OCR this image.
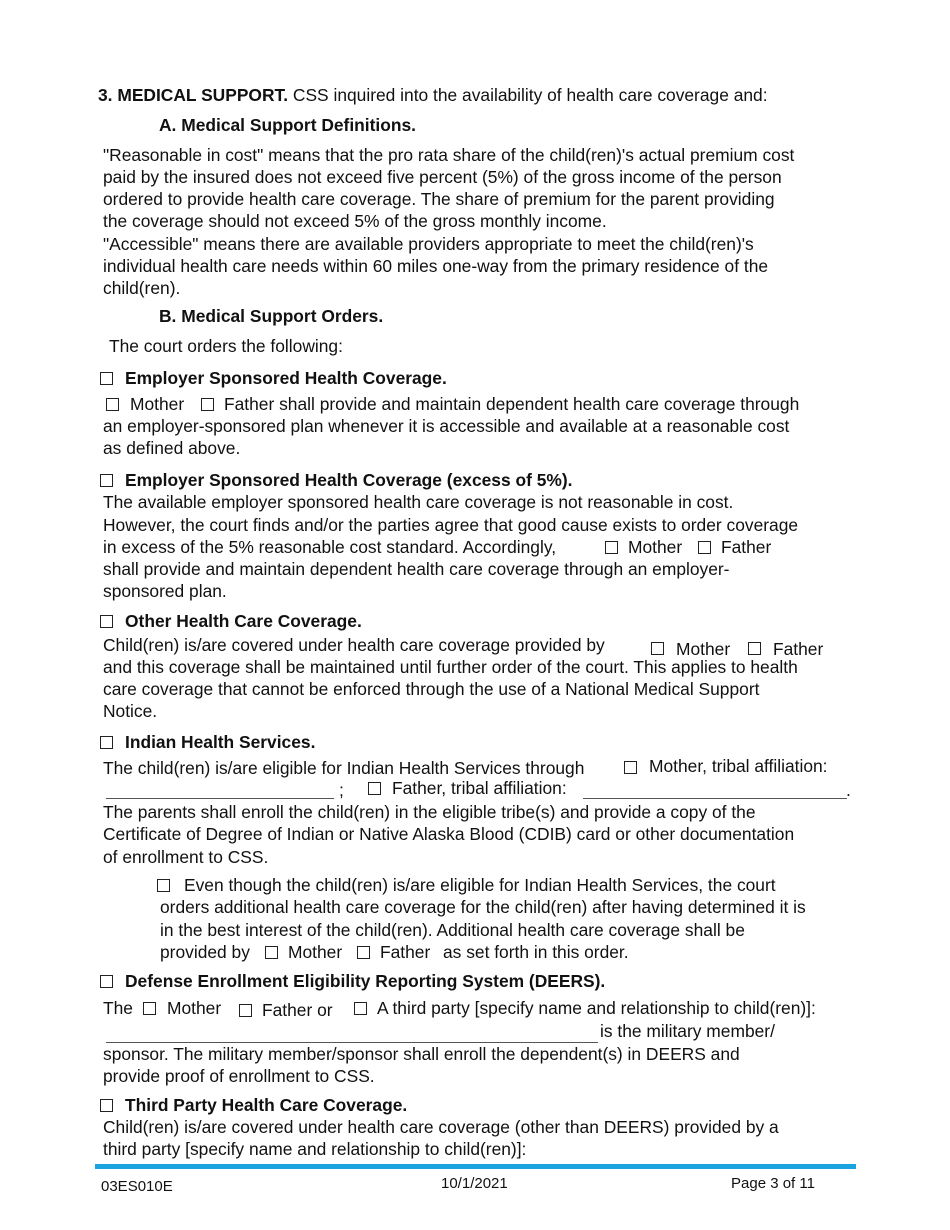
3. MEDICAL SUPPORT. CSS inquired into the availability of health care coverage and:
A. Medical Support Definitions.
"Reasonable in cost" means that the pro rata share of the child(ren)'s actual premium cost
paid by the insured does not exceed five percent (5%) of the gross income of the person
ordered to provide health care coverage. The share of premium for the parent providing
the coverage should not exceed 5% of the gross monthly income.
"Accessible" means there are available providers appropriate to meet the child(ren)'s
individual health care needs within 60 miles one-way from the primary residence of the
child(ren).
B. Medical Support Orders.
The court orders the following:
Employer Sponsored Health Coverage.
Mother Father shall provide and maintain dependent health care coverage through
an employer-sponsored plan whenever it is accessible and available at a reasonable cost
as defined above.
Employer Sponsored Health Coverage (excess of 5%).
The available employer sponsored health care coverage is not reasonable in cost.
However, the court finds and/or the parties agree that good cause exists to order coverage
in excess of the 5% reasonable cost standard. Accordingly,	Mother Father
shall provide and maintain dependent health care coverage through an employer-
sponsored plan.
Other Health Care Coverage.
Child(ren) is/are covered under health care coverage provided by	Mother Father
and this coverage shall be maintained until further order of the court. This applies to health
care coverage that cannot be enforced through the use of a National Medical Support
Notice.
Indian Health Services.
The child(ren) is/are eligible for Indian Health Services through	Mother, tribal affiliation:
;	Father, tribal affiliation:	.
The parents shall enroll the child(ren) in the eligible tribe(s) and provide a copy of the
Certificate of Degree of Indian or Native Alaska Blood (CDIB) card or other documentation
of enrollment to CSS.
Even though the child(ren) is/are eligible for Indian Health Services, the court
orders additional health care coverage for the child(ren) after having determined it is
in the best interest of the child(ren). Additional health care coverage shall be
provided by Mother Father as set forth in this order.
Defense Enrollment Eligibility Reporting System (DEERS).
The Mother Father or	A third party [specify name and relationship to child(ren)]:
is the military member/
sponsor. The military member/sponsor shall enroll the dependent(s) in DEERS and
provide proof of enrollment to CSS.
Third Party Health Care Coverage.
Child(ren) is/are covered under health care coverage (other than DEERS) provided by a
third party [specify name and relationship to child(ren)]:
03ES010E	10/1/2021	Page 3 of 11
